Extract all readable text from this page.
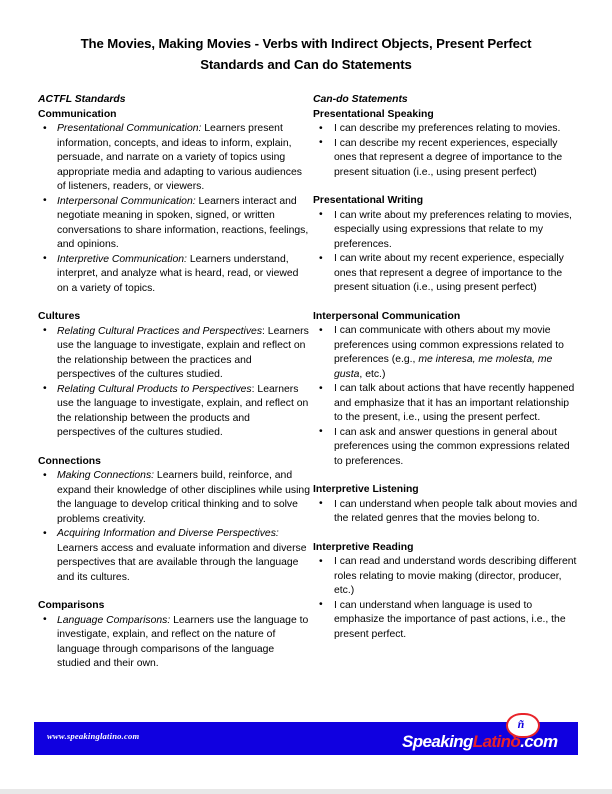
The Movies, Making Movies - Verbs with Indirect Objects, Present Perfect
Standards and Can do Statements
ACTFL Standards
Communication
• Presentational Communication: Learners present information, concepts, and ideas to inform, explain, persuade, and narrate on a variety of topics using appropriate media and adapting to various audiences of listeners, readers, or viewers.
• Interpersonal Communication: Learners interact and negotiate meaning in spoken, signed, or written conversations to share information, reactions, feelings, and opinions.
• Interpretive Communication: Learners understand, interpret, and analyze what is heard, read, or viewed on a variety of topics.
Cultures
• Relating Cultural Practices and Perspectives: Learners use the language to investigate, explain and reflect on the relationship between the practices and perspectives of the cultures studied.
• Relating Cultural Products to Perspectives: Learners use the language to investigate, explain, and reflect on the relationship between the products and perspectives of the cultures studied.
Connections
• Making Connections: Learners build, reinforce, and expand their knowledge of other disciplines while using the language to develop critical thinking and to solve problems creativity.
• Acquiring Information and Diverse Perspectives: Learners access and evaluate information and diverse perspectives that are available through the language and its cultures.
Comparisons
• Language Comparisons: Learners use the language to investigate, explain, and reflect on the nature of language through comparisons of the language studied and their own.
Can-do Statements
Presentational Speaking
• I can describe my preferences relating to movies.
• I can describe my recent experiences, especially ones that represent a degree of importance to the present situation (i.e., using present perfect)
Presentational Writing
• I can write about my preferences relating to movies, especially using expressions that relate to my preferences.
• I can write about my recent experience, especially ones that represent a degree of importance to the present situation (i.e., using present perfect)
Interpersonal Communication
• I can communicate with others about my movie preferences using common expressions related to preferences (e.g., me interesa, me molesta, me gusta, etc.)
• I can talk about actions that have recently happened and emphasize that it has an important relationship to the present, i.e., using the present perfect.
• I can ask and answer questions in general about preferences using the common expressions related to preferences.
Interpretive Listening
• I can understand when people talk about movies and the related genres that the movies belong to.
Interpretive Reading
• I can read and understand words describing different roles relating to movie making (director, producer, etc.)
• I can understand when language is used to emphasize the importance of past actions, i.e., the present perfect.
www.speakinglatino.com
ñ
SpeakingLatino.com
